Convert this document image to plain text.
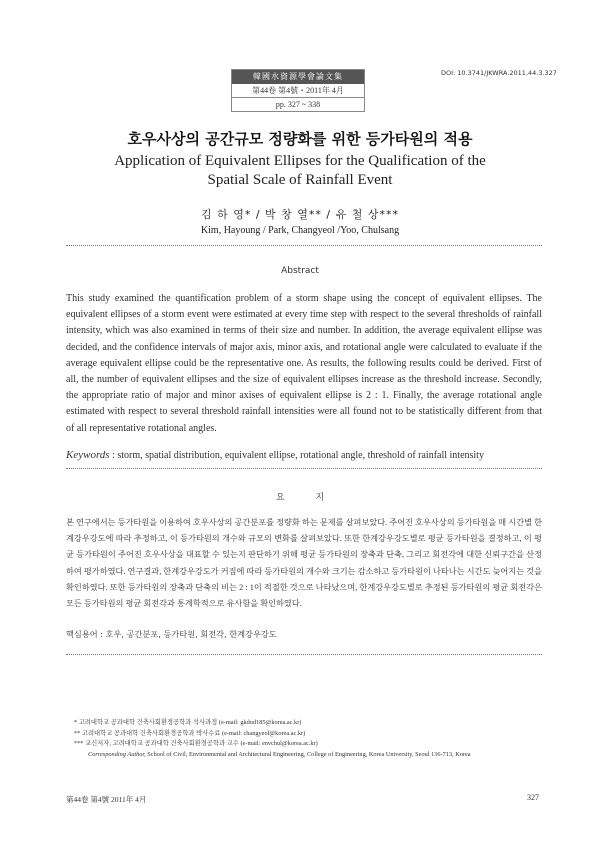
韓國水資源學會論文集
第44卷 第4號・2011年 4月
pp. 327 ~ 338
DOI: 10.3741/JKWRA.2011.44.3.327
호우사상의 공간규모 정량화를 위한 등가타원의 적용
Application of Equivalent Ellipses for the Qualification of the
Spatial Scale of Rainfall Event
김 하 영* / 박 창 열** / 유 철 상***
Kim, Hayoung / Park, Changyeol /Yoo, Chulsang
Abstract
This study examined the quantification problem of a storm shape using the concept of equivalent ellipses. The equivalent ellipses of a storm event were estimated at every time step with respect to the several thresholds of rainfall intensity, which was also examined in terms of their size and number. In addition, the average equivalent ellipse was decided, and the confidence intervals of major axis, minor axis, and rotational angle were calculated to evaluate if the average equivalent ellipse could be the representative one. As results, the following results could be derived. First of all, the number of equivalent ellipses and the size of equivalent ellipses increase as the threshold increase. Secondly, the appropriate ratio of major and minor axises of equivalent ellipse is 2 : 1. Finally, the average rotational angle estimated with respect to several threshold rainfall intensities were all found not to be statistically different from that of all representative rotational angles.
Keywords : storm, spatial distribution, equivalent ellipse, rotational angle, threshold of rainfall intensity
요 지
본 연구에서는 등가타원을 이용하여 호우사상의 공간분포를 정량화 하는 문제를 살펴보았다. 주어진 호우사상의 등가타원을 매 시간별 한계강우강도에 따라 추정하고, 이 등가타원의 개수와 규모의 변화를 살펴보았다. 또한 한계강우강도별로 평균 등가타원을 결정하고, 이 평균 등가타원이 주어진 호우사상을 대표할 수 있는지 판단하기 위해 평균 등가타원의 장축과 단축, 그리고 회전각에 대한 신뢰구간을 산정하여 평가하였다. 연구결과, 한계강우강도가 커짐에 따라 등가타원의 개수와 크기는 감소하고 등가타원이 나타나는 시간도 늦어지는 것을 확인하였다. 또한 등가타원의 장축과 단축의 비는 2 : 1이 적절한 것으로 나타났으며, 한계강우강도별로 추정된 등가타원의 평균 회전각은 모든 등가타원의 평균 회전각과 통계학적으로 유사함을 확인하였다.
핵심용어 : 호우, 공간분포, 등가타원, 회전각, 한계강우강도
* 고려대학교 공과대학 건축사회환경공학과 석사과정 (e-mail: gkdud185@korea.ac.kr)
** 고려대학교 공과대학 건축사회환경공학과 박사수료 (e-mail: changyeol@korea.ac.kr)
*** 교신저자, 고려대학교 공과대학 건축사회환경공학과 교수 (e-mail: envchul@korea.ac.kr)
Corresponding Author, School of Civil, Environmental and Architectural Engineering, College of Engineering, Korea University, Seoul 136-713, Korea
第44卷 第4號 2011年 4月	327
